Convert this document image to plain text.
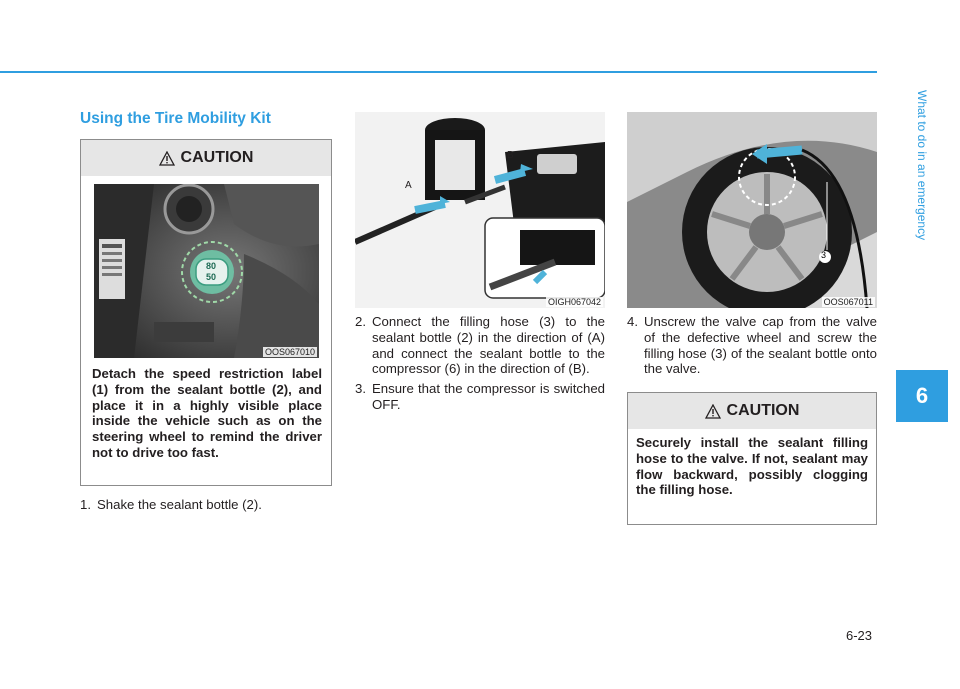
Using the Tire Mobility Kit
CAUTION
80
50
OOS067010
Detach the speed restriction label (1) from the sealant bottle (2), and place it in a highly visible place inside the vehicle such as on the steering wheel to remind the driver not to drive too fast.
1. Shake the sealant bottle (2).
A
B
OIGH067042
2. Connect the filling hose (3) to the sealant bottle (2) in the direction of (A) and connect the sealant bottle to the compressor (6) in the direction of (B).
3. Ensure that the compressor is switched OFF.
3
OOS067011
4. Unscrew the valve cap from the valve of the defective wheel and screw the filling hose (3) of the sealant bottle onto the valve.
CAUTION
Securely install the sealant filling hose to the valve. If not, sealant may flow backward, possibly clogging the filling hose.
What to do in an emergency
6
6-23
